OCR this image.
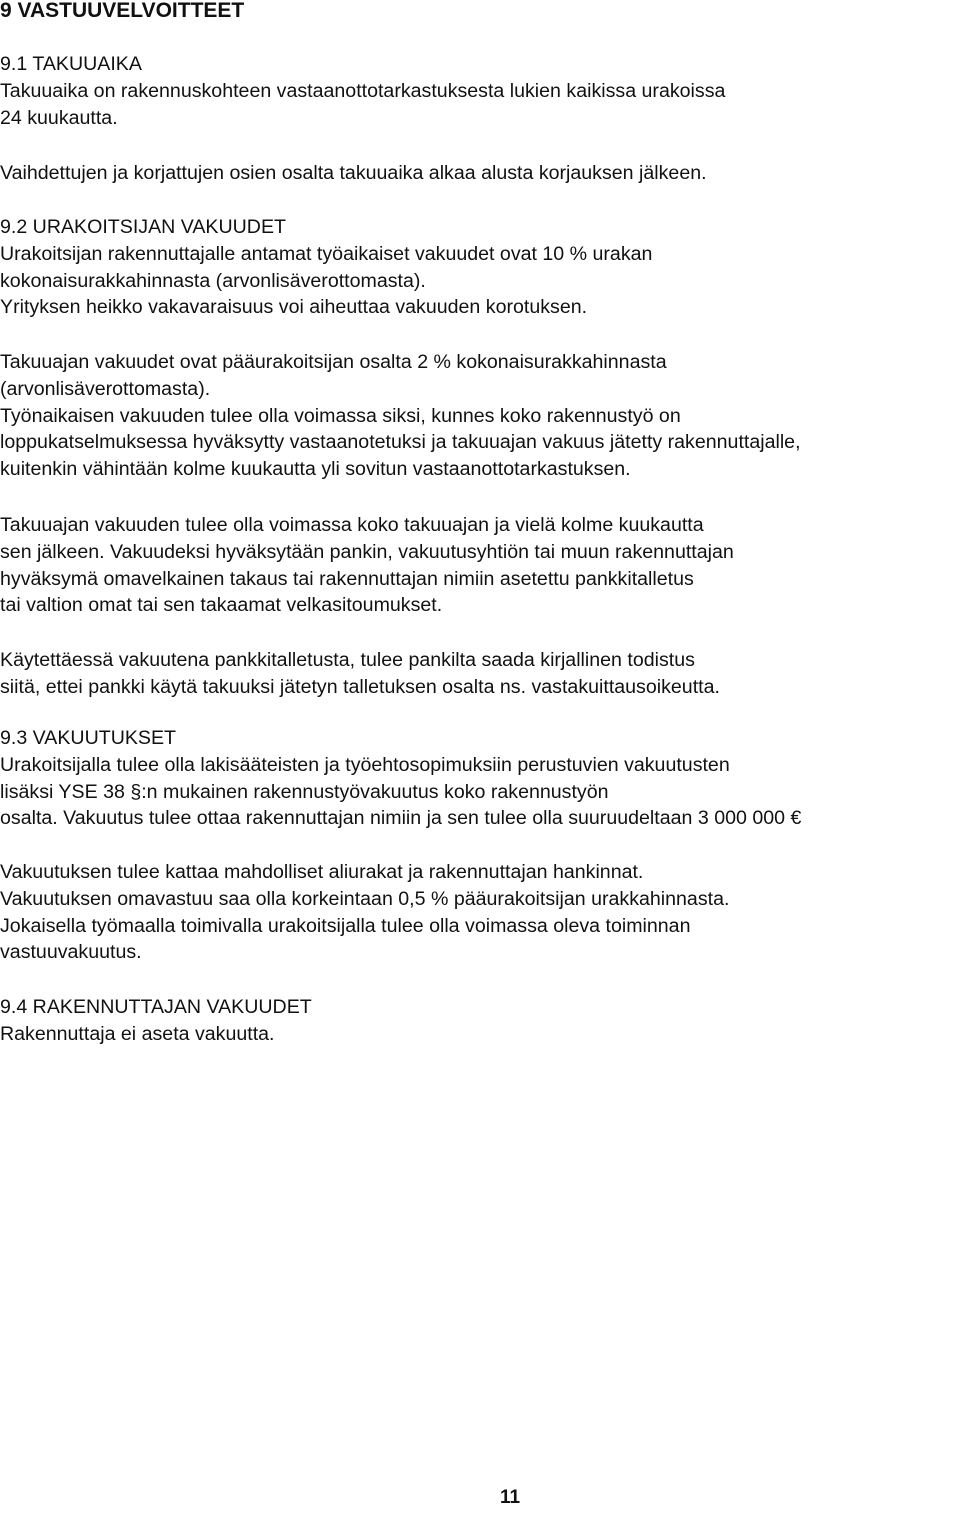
9 VASTUUVELVOITTEET
9.1 TAKUUAIKA
Takuuaika on rakennuskohteen vastaanottotarkastuksesta lukien kaikissa urakoissa
24 kuukautta.
Vaihdettujen ja korjattujen osien osalta takuuaika alkaa alusta korjauksen jälkeen.
9.2 URAKOITSIJAN VAKUUDET
Urakoitsijan rakennuttajalle antamat työaikaiset vakuudet ovat 10 % urakan
kokonaisurakkahinnasta (arvonlisäverottomasta).
Yrityksen heikko vakavaraisuus voi aiheuttaa vakuuden korotuksen.
Takuuajan vakuudet ovat pääurakoitsijan osalta 2 % kokonaisurakkahinnasta
(arvonlisäverottomasta).
Työnaikaisen vakuuden tulee olla voimassa siksi, kunnes koko rakennustyö on
loppukatselmuksessa hyväksytty vastaanotetuksi ja takuuajan vakuus jätetty rakennuttajalle,
kuitenkin vähintään kolme kuukautta yli sovitun vastaanottotarkastuksen.
Takuuajan vakuuden tulee olla voimassa koko takuuajan ja vielä kolme kuukautta
sen jälkeen. Vakuudeksi hyväksytään pankin, vakuutusyhtiön tai muun rakennuttajan
hyväksymä omavelkainen takaus tai rakennuttajan nimiin asetettu pankkitalletus
tai valtion omat tai sen takaamat velkasitoumukset.
Käytettäessä vakuutena pankkitalletusta, tulee pankilta saada kirjallinen todistus
siitä, ettei pankki käytä takuuksi jätetyn talletuksen osalta ns. vastakuittausoikeutta.
9.3 VAKUUTUKSET
Urakoitsijalla tulee olla lakisääteisten ja työehtosopimuksiin perustuvien vakuutusten
lisäksi YSE 38 §:n mukainen rakennustyövakuutus koko rakennustyön
osalta. Vakuutus tulee ottaa rakennuttajan nimiin ja sen tulee olla suuruudeltaan 3 000 000 €
Vakuutuksen tulee kattaa mahdolliset aliurakat ja rakennuttajan hankinnat.
Vakuutuksen omavastuu saa olla korkeintaan 0,5 % pääurakoitsijan urakkahinnasta.
Jokaisella työmaalla toimivalla urakoitsijalla tulee olla voimassa oleva toiminnan
vastuuvakuutus.
9.4 RAKENNUTTAJAN VAKUUDET
Rakennuttaja ei aseta vakuutta.
11
